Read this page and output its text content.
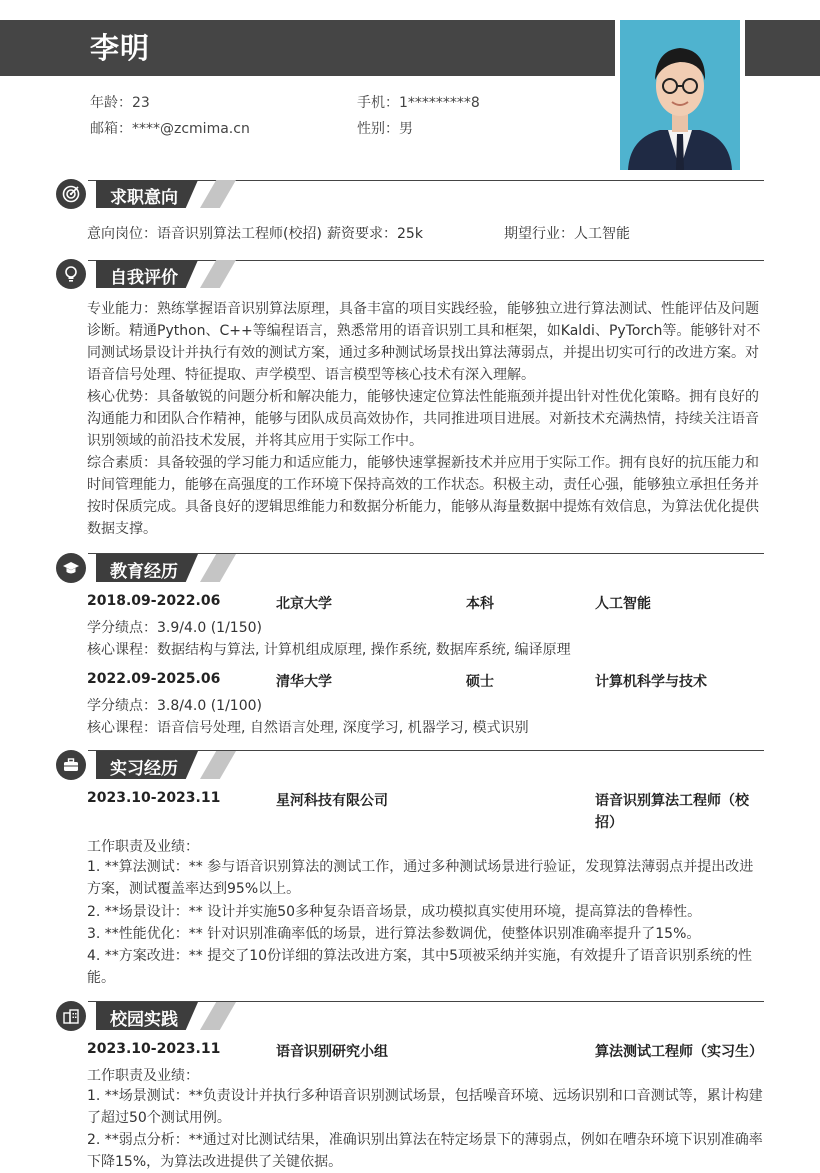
李明
年龄：23	手机：1*********8
邮箱：****@zcmima.cn	性别：男
求职意向
意向岗位：语音识别算法工程师(校招) 薪资要求：25k	期望行业：人工智能
自我评价

专业能力：熟练掌握语音识别算法原理，具备丰富的项目实践经验，能够独立进行算法测试、性能评估及问题诊断。精通Python、C++等编程语言，熟悉常用的语音识别工具和框架，如Kaldi、PyTorch等。能够针对不同测试场景设计并执行有效的测试方案，通过多种测试场景找出算法薄弱点，并提出切实可行的改进方案。对语音信号处理、特征提取、声学模型、语言模型等核心技术有深入理解。

核心优势：具备敏锐的问题分析和解决能力，能够快速定位算法性能瓶颈并提出针对性优化策略。拥有良好的沟通能力和团队合作精神，能够与团队成员高效协作，共同推进项目进展。对新技术充满热情，持续关注语音识别领域的前沿技术发展，并将其应用于实际工作中。

综合素质：具备较强的学习能力和适应能力，能够快速掌握新技术并应用于实际工作。拥有良好的抗压能力和时间管理能力，能够在高强度的工作环境下保持高效的工作状态。积极主动，责任心强，能够独立承担任务并按时保质完成。具备良好的逻辑思维能力和数据分析能力，能够从海量数据中提炼有效信息，为算法优化提供数据支撑。

教育经历
2018.09-2022.06	北京大学	本科	人工智能
学分绩点：3.9/4.0 (1/150)
核心课程：数据结构与算法, 计算机组成原理, 操作系统, 数据库系统, 编译原理
2022.09-2025.06	清华大学	硕士	计算机科学与技术
学分绩点：3.8/4.0 (1/100)
核心课程：语音信号处理, 自然语言处理, 深度学习, 机器学习, 模式识别
实习经历
2023.10-2023.11	星河科技有限公司	语音识别算法工程师（校招）
工作职责及业绩：

1. **算法测试：** 参与语音识别算法的测试工作，通过多种测试场景进行验证，发现算法薄弱点并提出改进方案，测试覆盖率达到95%以上。

2. **场景设计：** 设计并实施50多种复杂语音场景，成功模拟真实使用环境，提高算法的鲁棒性。

3. **性能优化：** 针对识别准确率低的场景，进行算法参数调优，使整体识别准确率提升了15%。

4. **方案改进：** 提交了10份详细的算法改进方案，其中5项被采纳并实施，有效提升了语音识别系统的性能。

校园实践
2023.10-2023.11	语音识别研究小组	算法测试工程师（实习生）
工作职责及业绩：

1. **场景测试：**负责设计并执行多种语音识别测试场景，包括噪音环境、远场识别和口音测试等，累计构建了超过50个测试用例。

2. **弱点分析：**通过对比测试结果，准确识别出算法在特定场景下的薄弱点，例如在嘈杂环境下识别准确率下降15%，为算法改进提供了关键依据。
